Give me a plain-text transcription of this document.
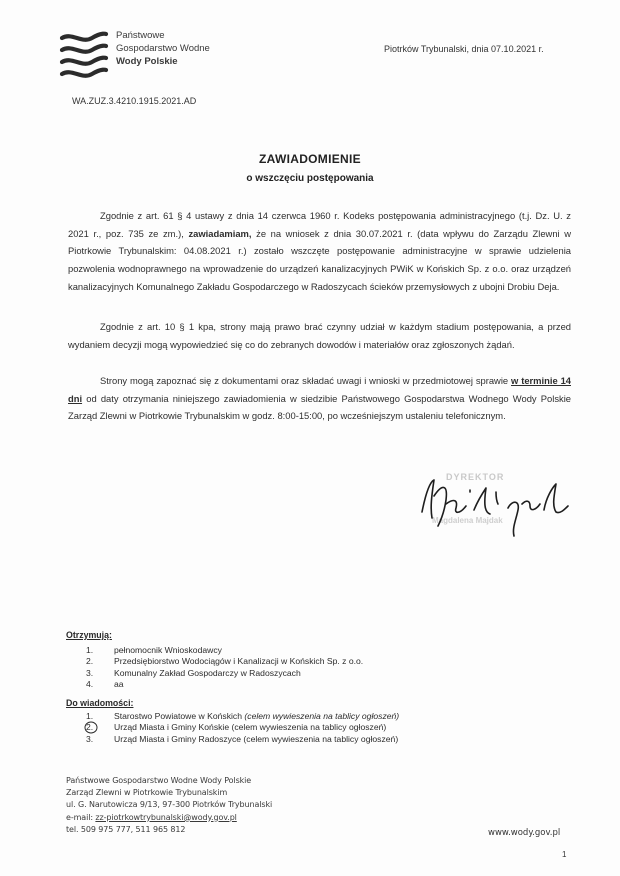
Państwowe
Gospodarstwo Wodne
Wody Polskie
Piotrków Trybunalski, dnia 07.10.2021 r.
WA.ZUZ.3.4210.1915.2021.AD
ZAWIADOMIENIE
o wszczęciu postępowania
Zgodnie z art. 61 § 4 ustawy z dnia 14 czerwca 1960 r. Kodeks postępowania administracyjnego (t.j. Dz. U. z 2021 r., poz. 735 ze zm.), zawiadamiam, że na wniosek z dnia 30.07.2021 r. (data wpływu do Zarządu Zlewni w Piotrkowie Trybunalskim: 04.08.2021 r.) zostało wszczęte postępowanie administracyjne w sprawie udzielenia pozwolenia wodnoprawnego na wprowadzenie do urządzeń kanalizacyjnych PWiK w Końskich Sp. z o.o. oraz urządzeń kanalizacyjnych Komunalnego Zakładu Gospodarczego w Radoszycach ścieków przemysłowych z ubojni Drobiu Deja.
Zgodnie z art. 10 § 1 kpa, strony mają prawo brać czynny udział w każdym stadium postępowania, a przed wydaniem decyzji mogą wypowiedzieć się co do zebranych dowodów i materiałów oraz zgłoszonych żądań.
Strony mogą zapoznać się z dokumentami oraz składać uwagi i wnioski w przedmiotowej sprawie w terminie 14 dni od daty otrzymania niniejszego zawiadomienia w siedzibie Państwowego Gospodarstwa Wodnego Wody Polskie Zarząd Zlewni w Piotrkowie Trybunalskim w godz. 8:00-15:00, po wcześniejszym ustaleniu telefonicznym.
DYREKTOR
Magdalena Majdak
Otrzymują:
1.	pełnomocnik Wnioskodawcy
2.	Przedsiębiorstwo Wodociągów i Kanalizacji w Końskich Sp. z o.o.
3.	Komunalny Zakład Gospodarczy w Radoszycach
4.	aa
Do wiadomości:
1.	Starostwo Powiatowe w Końskich (celem wywieszenia na tablicy ogłoszeń)
2.	Urząd Miasta i Gminy Końskie (celem wywieszenia na tablicy ogłoszeń)
3.	Urząd Miasta i Gminy Radoszyce (celem wywieszenia na tablicy ogłoszeń)
Państwowe Gospodarstwo Wodne Wody Polskie
Zarząd Zlewni w Piotrkowie Trybunalskim
ul. G. Narutowicza 9/13, 97-300 Piotrków Trybunalski
e-mail: zz-piotrkowtrybunalski@wody.gov.pl
tel. 509 975 777, 511 965 812	www.wody.gov.pl
1
